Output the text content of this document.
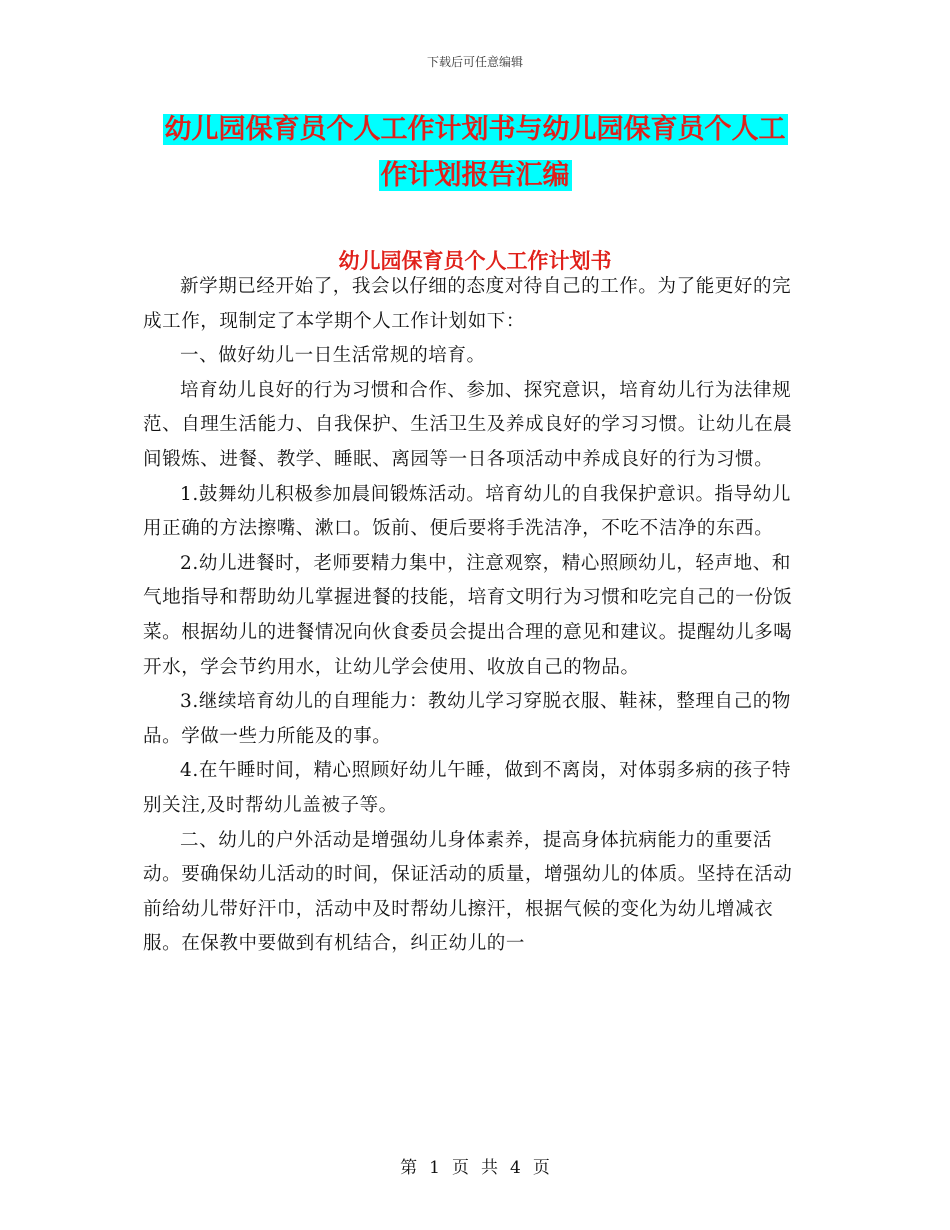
下载后可任意编辑
幼儿园保育员个人工作计划书与幼儿园保育员个人工
作计划报告汇编
幼儿园保育员个人工作计划书

新学期已经开始了，我会以仔细的态度对待自己的工作。为了能更好的完成工作，现制定了本学期个人工作计划如下：

一、做好幼儿一日生活常规的培育。

培育幼儿良好的行为习惯和合作、参加、探究意识，培育幼儿行为法律规范、自理生活能力、自我保护、生活卫生及养成良好的学习习惯。让幼儿在晨间锻炼、进餐、教学、睡眠、离园等一日各项活动中养成良好的行为习惯。

1.鼓舞幼儿积极参加晨间锻炼活动。培育幼儿的自我保护意识。指导幼儿用正确的方法擦嘴、漱口。饭前、便后要将手洗洁净，不吃不洁净的东西。

2.幼儿进餐时，老师要精力集中，注意观察，精心照顾幼儿，轻声地、和气地指导和帮助幼儿掌握进餐的技能，培育文明行为习惯和吃完自己的一份饭菜。根据幼儿的进餐情况向伙食委员会提出合理的意见和建议。提醒幼儿多喝开水，学会节约用水，让幼儿学会使用、收放自己的物品。

3.继续培育幼儿的自理能力：教幼儿学习穿脱衣服、鞋袜，整理自己的物品。学做一些力所能及的事。

4.在午睡时间，精心照顾好幼儿午睡，做到不离岗，对体弱多病的孩子特别关注,及时帮幼儿盖被子等。

二、幼儿的户外活动是增强幼儿身体素养，提高身体抗病能力的重要活动。要确保幼儿活动的时间，保证活动的质量，增强幼儿的体质。坚持在活动前给幼儿带好汗巾，活动中及时帮幼儿擦汗，根据气候的变化为幼儿增减衣服。在保教中要做到有机结合，纠正幼儿的一

第 1 页 共 4 页
